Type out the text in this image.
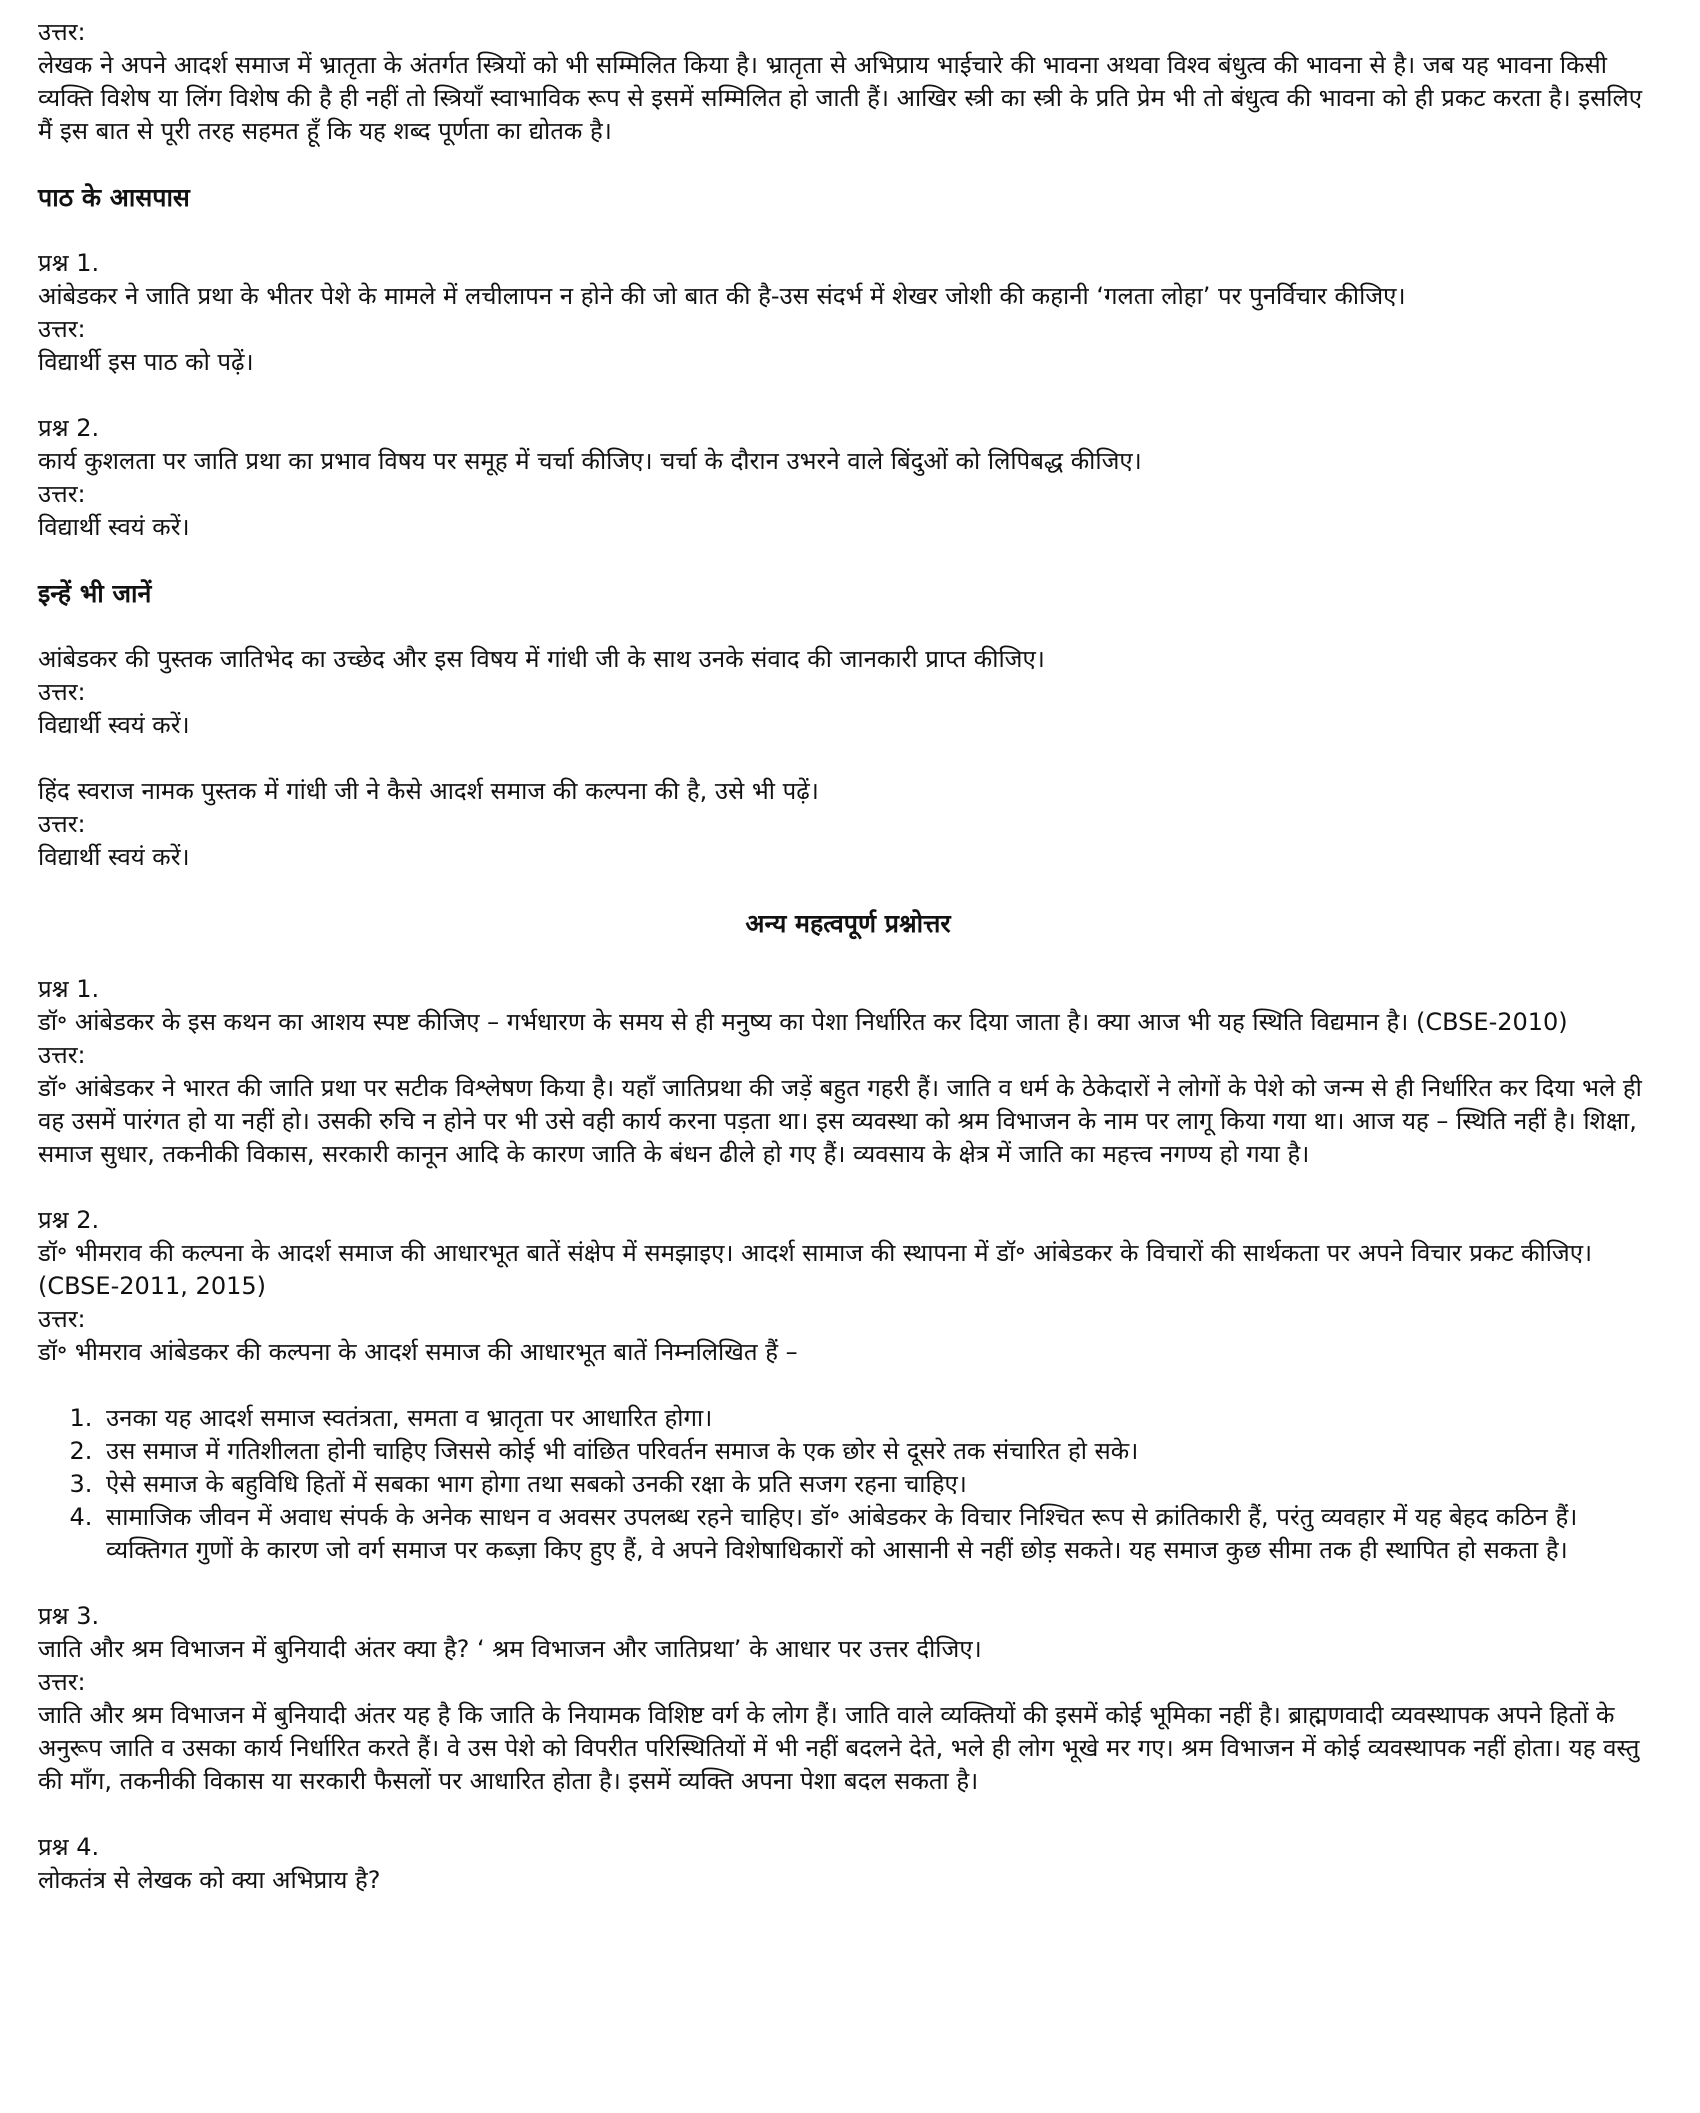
उत्तर:

लेखक ने अपने आदर्श समाज में भ्रातृता के अंतर्गत स्त्रियों को भी सम्मिलित किया है। भ्रातृता से अभिप्राय भाईचारे की भावना अथवा विश्व बंधुत्व की भावना से है। जब यह भावना किसी व्यक्ति विशेष या लिंग विशेष की है ही नहीं तो स्त्रियाँ स्वाभाविक रूप से इसमें सम्मिलित हो जाती हैं। आखिर स्त्री का स्त्री के प्रति प्रेम भी तो बंधुत्व की भावना को ही प्रकट करता है। इसलिए मैं इस बात से पूरी तरह सहमत हूँ कि यह शब्द पूर्णता का द्योतक है।

पाठ के आसपास

प्रश्न 1.

आंबेडकर ने जाति प्रथा के भीतर पेशे के मामले में लचीलापन न होने की जो बात की है-उस संदर्भ में शेखर जोशी की कहानी ‘गलता लोहा’ पर पुनर्विचार कीजिए।

उत्तर:

विद्यार्थी इस पाठ को पढ़ें।

प्रश्न 2.

कार्य कुशलता पर जाति प्रथा का प्रभाव विषय पर समूह में चर्चा कीजिए। चर्चा के दौरान उभरने वाले बिंदुओं को लिपिबद्ध कीजिए।

उत्तर:

विद्यार्थी स्वयं करें।

इन्हें भी जानें

आंबेडकर की पुस्तक जातिभेद का उच्छेद और इस विषय में गांधी जी के साथ उनके संवाद की जानकारी प्राप्त कीजिए।

उत्तर:

विद्यार्थी स्वयं करें।

हिंद स्वराज नामक पुस्तक में गांधी जी ने कैसे आदर्श समाज की कल्पना की है, उसे भी पढ़ें।

उत्तर:

विद्यार्थी स्वयं करें।

अन्य महत्वपूर्ण प्रश्नोत्तर

प्रश्न 1.

डॉ॰ आंबेडकर के इस कथन का आशय स्पष्ट कीजिए – गर्भधारण के समय से ही मनुष्य का पेशा निर्धारित कर दिया जाता है। क्या आज भी यह स्थिति विद्यमान है। (CBSE-2010)

उत्तर:

डॉ॰ आंबेडकर ने भारत की जाति प्रथा पर सटीक विश्लेषण किया है। यहाँ जातिप्रथा की जड़ें बहुत गहरी हैं। जाति व धर्म के ठेकेदारों ने लोगों के पेशे को जन्म से ही निर्धारित कर दिया भले ही वह उसमें पारंगत हो या नहीं हो। उसकी रुचि न होने पर भी उसे वही कार्य करना पड़ता था। इस व्यवस्था को श्रम विभाजन के नाम पर लागू किया गया था। आज यह – स्थिति नहीं है। शिक्षा, समाज सुधार, तकनीकी विकास, सरकारी कानून आदि के कारण जाति के बंधन ढीले हो गए हैं। व्यवसाय के क्षेत्र में जाति का महत्त्व नगण्य हो गया है।

प्रश्न 2.

डॉ॰ भीमराव की कल्पना के आदर्श समाज की आधारभूत बातें संक्षेप में समझाइए। आदर्श सामाज की स्थापना में डॉ॰ आंबेडकर के विचारों की सार्थकता पर अपने विचार प्रकट कीजिए। (CBSE-2011, 2015)

उत्तर:

डॉ॰ भीमराव आंबेडकर की कल्पना के आदर्श समाज की आधारभूत बातें निम्नलिखित हैं –

1. उनका यह आदर्श समाज स्वतंत्रता, समता व भ्रातृता पर आधारित होगा।
2. उस समाज में गतिशीलता होनी चाहिए जिससे कोई भी वांछित परिवर्तन समाज के एक छोर से दूसरे तक संचारित हो सके।
3. ऐसे समाज के बहुविधि हितों में सबका भाग होगा तथा सबको उनकी रक्षा के प्रति सजग रहना चाहिए।
4. सामाजिक जीवन में अवाध संपर्क के अनेक साधन व अवसर उपलब्ध रहने चाहिए। डॉ॰ आंबेडकर के विचार निश्चित रूप से क्रांतिकारी हैं, परंतु व्यवहार में यह बेहद कठिन हैं। व्यक्तिगत गुणों के कारण जो वर्ग समाज पर कब्ज़ा किए हुए हैं, वे अपने विशेषाधिकारों को आसानी से नहीं छोड़ सकते। यह समाज कुछ सीमा तक ही स्थापित हो सकता है।

प्रश्न 3.

जाति और श्रम विभाजन में बुनियादी अंतर क्या है? ‘ श्रम विभाजन और जातिप्रथा’ के आधार पर उत्तर दीजिए।

उत्तर:

जाति और श्रम विभाजन में बुनियादी अंतर यह है कि जाति के नियामक विशिष्ट वर्ग के लोग हैं। जाति वाले व्यक्तियों की इसमें कोई भूमिका नहीं है। ब्राह्मणवादी व्यवस्थापक अपने हितों के अनुरूप जाति व उसका कार्य निर्धारित करते हैं। वे उस पेशे को विपरीत परिस्थितियों में भी नहीं बदलने देते, भले ही लोग भूखे मर गए। श्रम विभाजन में कोई व्यवस्थापक नहीं होता। यह वस्तु की माँग, तकनीकी विकास या सरकारी फैसलों पर आधारित होता है। इसमें व्यक्ति अपना पेशा बदल सकता है।

प्रश्न 4.

लोकतंत्र से लेखक को क्या अभिप्राय है?
